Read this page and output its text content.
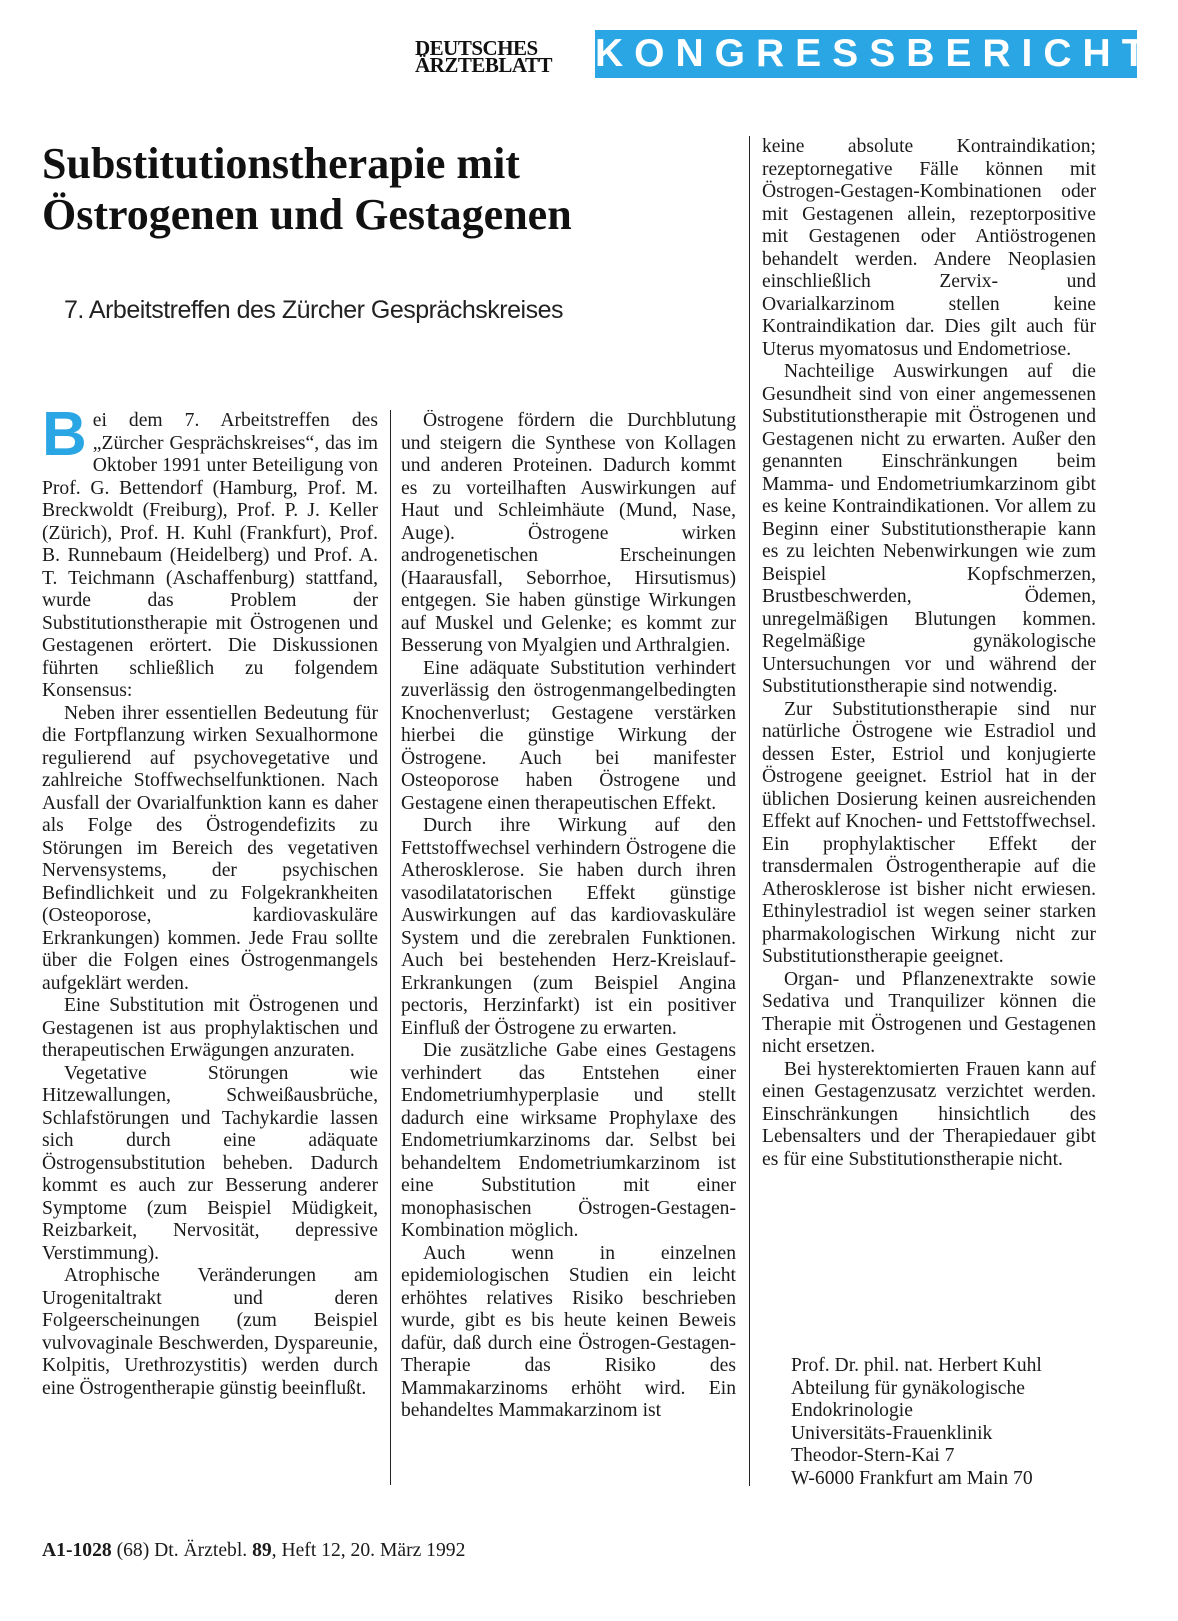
DEUTSCHES
ÄRZTEBLATT	KONGRESSBERICHT
Substitutionstherapie mit
Östrogenen und Gestagenen

7. Arbeitstreffen des Zürcher Gesprächskreises

Bei dem 7. Arbeitstreffen des „Zürcher Gesprächskreises“, das im Oktober 1991 unter Beteiligung von Prof. G. Bettendorf (Hamburg, Prof. M. Breckwoldt (Freiburg), Prof. P. J. Keller (Zürich), Prof. H. Kuhl (Frankfurt), Prof. B. Runnebaum (Heidelberg) und Prof. A. T. Teichmann (Aschaffenburg) stattfand, wurde das Problem der Substitutionstherapie mit Östrogenen und Gestagenen erörtert. Die Diskussionen führten schließlich zu folgendem Konsensus:

Neben ihrer essentiellen Bedeutung für die Fortpflanzung wirken Sexualhormone regulierend auf psychovegetative und zahlreiche Stoffwechselfunktionen. Nach Ausfall der Ovarialfunktion kann es daher als Folge des Östrogendefizits zu Störungen im Bereich des vegetativen Nervensystems, der psychischen Befindlichkeit und zu Folgekrankheiten (Osteoporose, kardiovaskuläre Erkrankungen) kommen. Jede Frau sollte über die Folgen eines Östrogenmangels aufgeklärt werden.

Eine Substitution mit Östrogenen und Gestagenen ist aus prophylaktischen und therapeutischen Erwägungen anzuraten.

Vegetative Störungen wie Hitzewallungen, Schweißausbrüche, Schlafstörungen und Tachykardie lassen sich durch eine adäquate Östrogensubstitution beheben. Dadurch kommt es auch zur Besserung anderer Symptome (zum Beispiel Müdigkeit, Reizbarkeit, Nervosität, depressive Verstimmung).

Atrophische Veränderungen am Urogenitaltrakt und deren Folgeerscheinungen (zum Beispiel vulvovaginale Beschwerden, Dyspareunie, Kolpitis, Urethrozystitis) werden durch eine Östrogentherapie günstig beeinflußt.

Östrogene fördern die Durchblutung und steigern die Synthese von Kollagen und anderen Proteinen. Dadurch kommt es zu vorteilhaften Auswirkungen auf Haut und Schleimhäute (Mund, Nase, Auge). Östrogene wirken androgenetischen Erscheinungen (Haarausfall, Seborrhoe, Hirsutismus) entgegen. Sie haben günstige Wirkungen auf Muskel und Gelenke; es kommt zur Besserung von Myalgien und Arthralgien.

Eine adäquate Substitution verhindert zuverlässig den östrogenmangelbedingten Knochenverlust; Gestagene verstärken hierbei die günstige Wirkung der Östrogene. Auch bei manifester Osteoporose haben Östrogene und Gestagene einen therapeutischen Effekt.

Durch ihre Wirkung auf den Fettstoffwechsel verhindern Östrogene die Atherosklerose. Sie haben durch ihren vasodilatatorischen Effekt günstige Auswirkungen auf das kardiovaskuläre System und die zerebralen Funktionen. Auch bei bestehenden Herz-Kreislauf-Erkrankungen (zum Beispiel Angina pectoris, Herzinfarkt) ist ein positiver Einfluß der Östrogene zu erwarten.

Die zusätzliche Gabe eines Gestagens verhindert das Entstehen einer Endometriumhyperplasie und stellt dadurch eine wirksame Prophylaxe des Endometriumkarzinoms dar. Selbst bei behandeltem Endometriumkarzinom ist eine Substitution mit einer monophasischen Östrogen-Gestagen-Kombination möglich.

Auch wenn in einzelnen epidemiologischen Studien ein leicht erhöhtes relatives Risiko beschrieben wurde, gibt es bis heute keinen Beweis dafür, daß durch eine Östrogen-Gestagen-Therapie das Risiko des Mammakarzinoms erhöht wird. Ein behandeltes Mammakarzinom ist

keine absolute Kontraindikation; rezeptornegative Fälle können mit Östrogen-Gestagen-Kombinationen oder mit Gestagenen allein, rezeptorpositive mit Gestagenen oder Antiöstrogenen behandelt werden. Andere Neoplasien einschließlich Zervix- und Ovarialkarzinom stellen keine Kontraindikation dar. Dies gilt auch für Uterus myomatosus und Endometriose.

Nachteilige Auswirkungen auf die Gesundheit sind von einer angemessenen Substitutionstherapie mit Östrogenen und Gestagenen nicht zu erwarten. Außer den genannten Einschränkungen beim Mamma- und Endometriumkarzinom gibt es keine Kontraindikationen. Vor allem zu Beginn einer Substitutionstherapie kann es zu leichten Nebenwirkungen wie zum Beispiel Kopfschmerzen, Brustbeschwerden, Ödemen, unregelmäßigen Blutungen kommen. Regelmäßige gynäkologische Untersuchungen vor und während der Substitutionstherapie sind notwendig.

Zur Substitutionstherapie sind nur natürliche Östrogene wie Estradiol und dessen Ester, Estriol und konjugierte Östrogene geeignet. Estriol hat in der üblichen Dosierung keinen ausreichenden Effekt auf Knochen- und Fettstoffwechsel. Ein prophylaktischer Effekt der transdermalen Östrogentherapie auf die Atherosklerose ist bisher nicht erwiesen. Ethinylestradiol ist wegen seiner starken pharmakologischen Wirkung nicht zur Substitutionstherapie geeignet.

Organ- und Pflanzenextrakte sowie Sedativa und Tranquilizer können die Therapie mit Östrogenen und Gestagenen nicht ersetzen.

Bei hysterektomierten Frauen kann auf einen Gestagenzusatz verzichtet werden. Einschränkungen hinsichtlich des Lebensalters und der Therapiedauer gibt es für eine Substitutionstherapie nicht.

Prof. Dr. phil. nat. Herbert Kuhl
Abteilung für gynäkologische
Endokrinologie
Universitäts-Frauenklinik
Theodor-Stern-Kai 7
W-6000 Frankfurt am Main 70
A1-1028 (68) Dt. Ärztebl. 89, Heft 12, 20. März 1992
